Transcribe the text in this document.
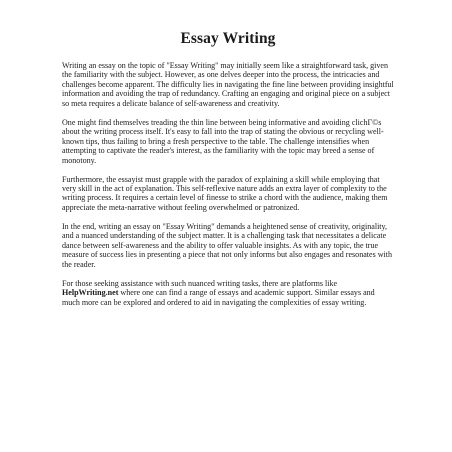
Essay Writing

Writing an essay on the topic of "Essay Writing" may initially seem like a straightforward task, given the familiarity with the subject. However, as one delves deeper into the process, the intricacies and challenges become apparent. The difficulty lies in navigating the fine line between providing insightful information and avoiding the trap of redundancy. Crafting an engaging and original piece on a subject so meta requires a delicate balance of self-awareness and creativity.

One might find themselves treading the thin line between being informative and avoiding clichГ©s about the writing process itself. It's easy to fall into the trap of stating the obvious or recycling well-known tips, thus failing to bring a fresh perspective to the table. The challenge intensifies when attempting to captivate the reader's interest, as the familiarity with the topic may breed a sense of monotony.

Furthermore, the essayist must grapple with the paradox of explaining a skill while employing that very skill in the act of explanation. This self-reflexive nature adds an extra layer of complexity to the writing process. It requires a certain level of finesse to strike a chord with the audience, making them appreciate the meta-narrative without feeling overwhelmed or patronized.

In the end, writing an essay on "Essay Writing" demands a heightened sense of creativity, originality, and a nuanced understanding of the subject matter. It is a challenging task that necessitates a delicate dance between self-awareness and the ability to offer valuable insights. As with any topic, the true measure of success lies in presenting a piece that not only informs but also engages and resonates with the reader.

For those seeking assistance with such nuanced writing tasks, there are platforms like HelpWriting.net where one can find a range of essays and academic support. Similar essays and much more can be explored and ordered to aid in navigating the complexities of essay writing.
